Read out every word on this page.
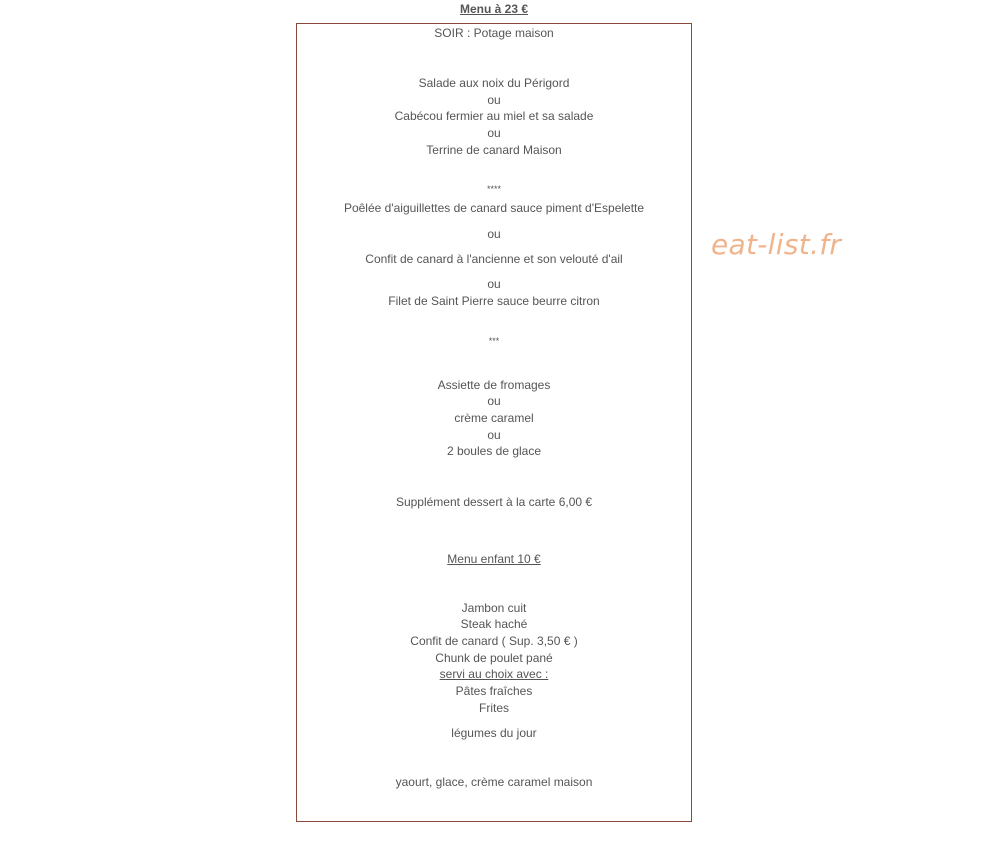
Menu à 23 €
SOIR : Potage maison
Salade aux noix du Périgord
ou
Cabécou fermier au miel et sa salade
ou
Terrine de canard Maison
****
Poêlée d'aiguillettes de canard sauce piment d'Espelette
ou
Confit de canard à l'ancienne et son velouté d'ail
ou
Filet de Saint Pierre sauce beurre citron
***
Assiette de fromages
ou
crème caramel
ou
2 boules de glace
Supplément dessert à la carte 6,00 €
Menu enfant 10 €
Jambon cuit
Steak haché
Confit de canard ( Sup. 3,50 € )
Chunk de poulet pané
servi au choix avec :
Pâtes fraîches
Frites
légumes du jour
yaourt, glace, crème caramel maison
eat-list.fr
